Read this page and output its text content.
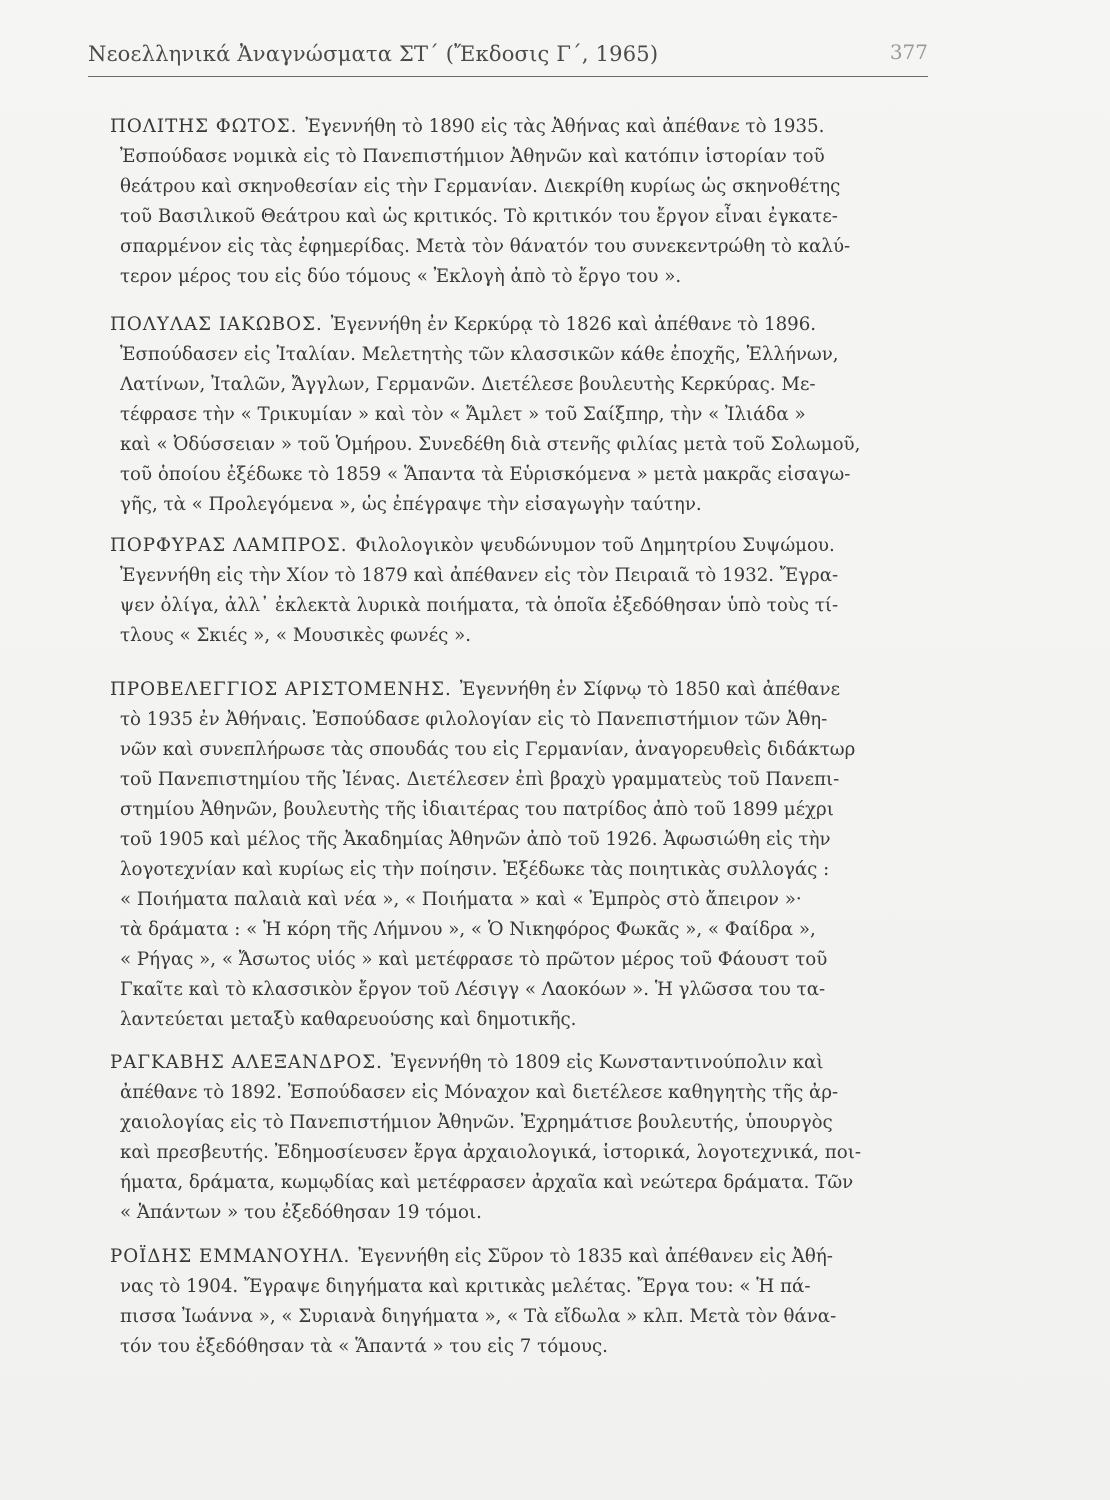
Νεοελληνικά Ἀναγνώσματα ΣΤ΄ (Ἔκδοσις Γ΄, 1965)	377
ΠΟΛΙΤΗΣ ΦΩΤΟΣ. Ἐγεννήθη τὸ 1890 εἰς τὰς Ἀθήνας καὶ ἀπέθανε τὸ 1935.
Ἐσπούδασε νομικὰ εἰς τὸ Πανεπιστήμιον Ἀθηνῶν καὶ κατόπιν ἱστορίαν τοῦ
θεάτρου καὶ σκηνοθεσίαν εἰς τὴν Γερμανίαν. Διεκρίθη κυρίως ὡς σκηνοθέτης
τοῦ Βασιλικοῦ Θεάτρου καὶ ὡς κριτικός. Τὸ κριτικόν του ἔργον εἶναι ἐγκατε-
σπαρμένον εἰς τὰς ἐφημερίδας. Μετὰ τὸν θάνατόν του συνεκεντρώθη τὸ καλύ-
τερον μέρος του εἰς δύο τόμους « Ἐκλογὴ ἀπὸ τὸ ἔργο του ».
ΠΟΛΥΛΑΣ ΙΑΚΩΒΟΣ. Ἐγεννήθη ἐν Κερκύρᾳ τὸ 1826 καὶ ἀπέθανε τὸ 1896.
Ἐσπούδασεν εἰς Ἰταλίαν. Μελετητὴς τῶν κλασσικῶν κάθε ἐποχῆς, Ἑλλήνων,
Λατίνων, Ἰταλῶν, Ἄγγλων, Γερμανῶν. Διετέλεσε βουλευτὴς Κερκύρας. Με-
τέφρασε τὴν « Τρικυμίαν » καὶ τὸν « Ἄμλετ » τοῦ Σαίξπηρ, τὴν « Ἰλιάδα »
καὶ « Ὀδύσσειαν » τοῦ Ὁμήρου. Συνεδέθη διὰ στενῆς φιλίας μετὰ τοῦ Σολωμοῦ,
τοῦ ὁποίου ἐξέδωκε τὸ 1859 « Ἅπαντα τὰ Εὑρισκόμενα » μετὰ μακρᾶς εἰσαγω-
γῆς, τὰ « Προλεγόμενα », ὡς ἐπέγραψε τὴν εἰσαγωγὴν ταύτην.
ΠΟΡΦΥΡΑΣ ΛΑΜΠΡΟΣ. Φιλολογικὸν ψευδώνυμον τοῦ Δημητρίου Συψώμου.
Ἐγεννήθη εἰς τὴν Χίον τὸ 1879 καὶ ἀπέθανεν εἰς τὸν Πειραιᾶ τὸ 1932. Ἔγρα-
ψεν ὀλίγα, ἀλλ᾿ ἐκλεκτὰ λυρικὰ ποιήματα, τὰ ὁποῖα ἐξεδόθησαν ὑπὸ τοὺς τί-
τλους « Σκιές », « Μουσικὲς φωνές ».
ΠΡΟΒΕΛΕΓΓΙΟΣ ΑΡΙΣΤΟΜΕΝΗΣ. Ἐγεννήθη ἐν Σίφνῳ τὸ 1850 καὶ ἀπέθανε
τὸ 1935 ἐν Ἀθήναις. Ἐσπούδασε φιλολογίαν εἰς τὸ Πανεπιστήμιον τῶν Ἀθη-
νῶν καὶ συνεπλήρωσε τὰς σπουδάς του εἰς Γερμανίαν, ἀναγορευθεὶς διδάκτωρ
τοῦ Πανεπιστημίου τῆς Ἰένας. Διετέλεσεν ἐπὶ βραχὺ γραμματεὺς τοῦ Πανεπι-
στημίου Ἀθηνῶν, βουλευτὴς τῆς ἰδιαιτέρας του πατρίδος ἀπὸ τοῦ 1899 μέχρι
τοῦ 1905 καὶ μέλος τῆς Ἀκαδημίας Ἀθηνῶν ἀπὸ τοῦ 1926. Ἀφωσιώθη εἰς τὴν
λογοτεχνίαν καὶ κυρίως εἰς τὴν ποίησιν. Ἐξέδωκε τὰς ποιητικὰς συλλογάς :
« Ποιήματα παλαιὰ καὶ νέα », « Ποιήματα » καὶ « Ἐμπρὸς στὸ ἄπειρον »·
τὰ δράματα : « Ἡ κόρη τῆς Λήμνου », « Ὁ Νικηφόρος Φωκᾶς », « Φαίδρα »,
« Ρήγας », « Ἄσωτος υἱός » καὶ μετέφρασε τὸ πρῶτον μέρος τοῦ Φάουστ τοῦ
Γκαῖτε καὶ τὸ κλασσικὸν ἔργον τοῦ Λέσιγγ « Λαοκόων ». Ἡ γλῶσσα του τα-
λαντεύεται μεταξὺ καθαρευούσης καὶ δημοτικῆς.
ΡΑΓΚΑΒΗΣ ΑΛΕΞΑΝΔΡΟΣ. Ἐγεννήθη τὸ 1809 εἰς Κωνσταντινούπολιν καὶ
ἀπέθανε τὸ 1892. Ἐσπούδασεν εἰς Μόναχον καὶ διετέλεσε καθηγητὴς τῆς ἀρ-
χαιολογίας εἰς τὸ Πανεπιστήμιον Ἀθηνῶν. Ἐχρημάτισε βουλευτής, ὑπουργὸς
καὶ πρεσβευτής. Ἐδημοσίευσεν ἔργα ἀρχαιολογικά, ἱστορικά, λογοτεχνικά, ποι-
ήματα, δράματα, κωμῳδίας καὶ μετέφρασεν ἀρχαῖα καὶ νεώτερα δράματα. Τῶν
« Ἁπάντων » του ἐξεδόθησαν 19 τόμοι.
ΡΟΪΔΗΣ ΕΜΜΑΝΟΥΗΛ. Ἐγεννήθη εἰς Σῦρον τὸ 1835 καὶ ἀπέθανεν εἰς Ἀθή-
νας τὸ 1904. Ἔγραψε διηγήματα καὶ κριτικὰς μελέτας. Ἔργα του: « Ἡ πά-
πισσα Ἰωάννα », « Συριανὰ διηγήματα », « Τὰ εἴδωλα » κλπ. Μετὰ τὸν θάνα-
τόν του ἐξεδόθησαν τὰ « Ἅπαντά » του εἰς 7 τόμους.
